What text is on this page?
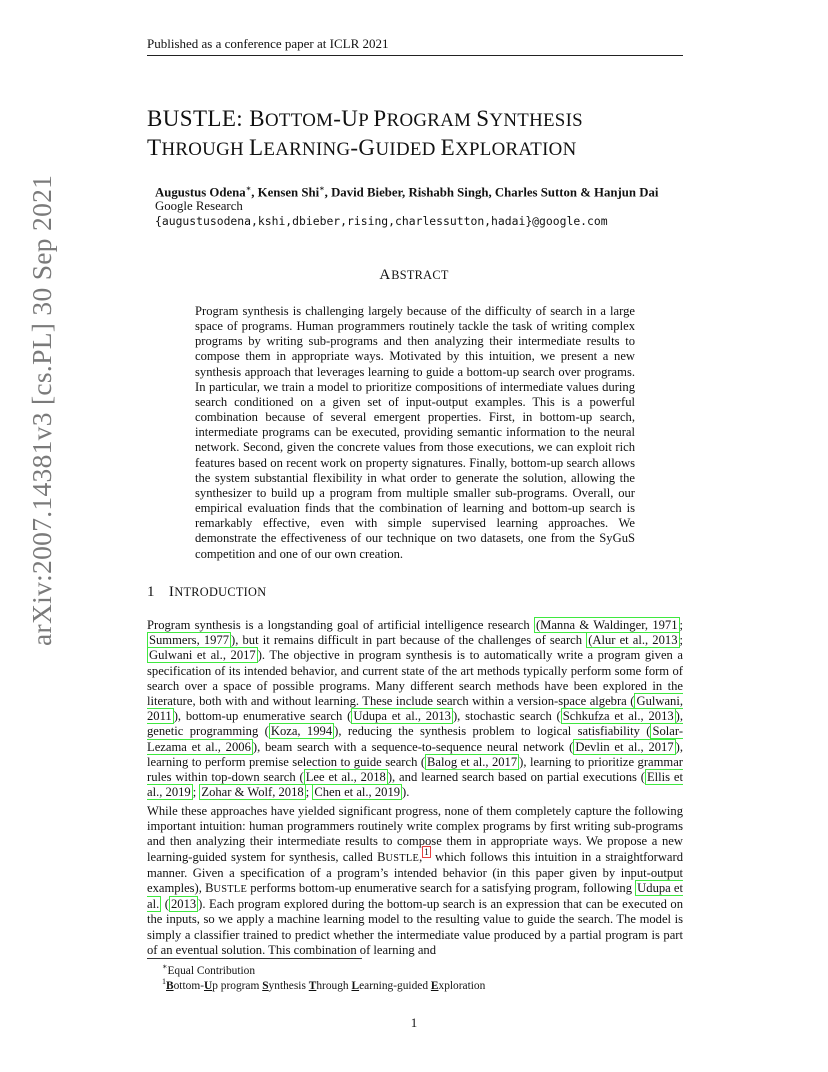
Published as a conference paper at ICLR 2021
arXiv:2007.14381v3 [cs.PL] 30 Sep 2021
BUSTLE: BOTTOM-UP PROGRAM SYNTHESIS
THROUGH LEARNING-GUIDED EXPLORATION
Augustus Odena∗, Kensen Shi∗, David Bieber, Rishabh Singh, Charles Sutton & Hanjun Dai
Google Research
{augustusodena,kshi,dbieber,rising,charlessutton,hadai}@google.com
ABSTRACT
Program synthesis is challenging largely because of the difficulty of search in a large space of programs. Human programmers routinely tackle the task of writing complex programs by writing sub-programs and then analyzing their intermediate results to compose them in appropriate ways. Motivated by this intuition, we present a new synthesis approach that leverages learning to guide a bottom-up search over programs. In particular, we train a model to prioritize compositions of intermediate values during search conditioned on a given set of input-output examples. This is a powerful combination because of several emergent properties. First, in bottom-up search, intermediate programs can be executed, providing semantic information to the neural network. Second, given the concrete values from those executions, we can exploit rich features based on recent work on property signatures. Finally, bottom-up search allows the system substantial flexibility in what order to generate the solution, allowing the synthesizer to build up a program from multiple smaller sub-programs. Overall, our empirical evaluation finds that the combination of learning and bottom-up search is remarkably effective, even with simple supervised learning approaches. We demonstrate the effectiveness of our technique on two datasets, one from the SyGuS competition and one of our own creation.
1 INTRODUCTION
Program synthesis is a longstanding goal of artificial intelligence research (Manna & Waldinger, 1971 ; Summers, 1977 ), but it remains difficult in part because of the challenges of search (Alur et al., 2013 ; Gulwani et al., 2017 ). The objective in program synthesis is to automatically write a program given a specification of its intended behavior, and current state of the art methods typically perform some form of search over a space of possible programs. Many different search methods have been explored in the literature, both with and without learning. These include search within a version-space algebra ( Gulwani, 2011 ), bottom-up enumerative search ( Udupa et al., 2013 ), stochastic search ( Schkufza et al., 2013 ), genetic programming ( Koza, 1994 ), reducing the synthesis problem to logical satisfiability ( Solar-Lezama et al., 2006 ), beam search with a sequence-to-sequence neural network ( Devlin et al., 2017 ), learning to perform premise selection to guide search ( Balog et al., 2017 ), learning to prioritize grammar rules within top-down search ( Lee et al., 2018 ), and learned search based on partial executions ( Ellis et al., 2019 ; Zohar & Wolf, 2018 ; Chen et al., 2019 ).
While these approaches have yielded significant progress, none of them completely capture the following important intuition: human programmers routinely write complex programs by first writing sub-programs and then analyzing their intermediate results to compose them in appropriate ways. We propose a new learning-guided system for synthesis, called BUSTLE, $^1$ which follows this intuition in a straightforward manner. Given a specification of a program’s intended behavior (in this paper given by input-output examples), BUSTLE performs bottom-up enumerative search for a satisfying program, following Udupa et al. ( 2013 ). Each program explored during the bottom-up search is an expression that can be executed on the inputs, so we apply a machine learning model to the resulting value to guide the search. The model is simply a classifier trained to predict whether the intermediate value produced by a partial program is part of an eventual solution. This combination of learning and
∗Equal Contribution
$^1$Bottom-Up program Synthesis Through Learning-guided Exploration
1
